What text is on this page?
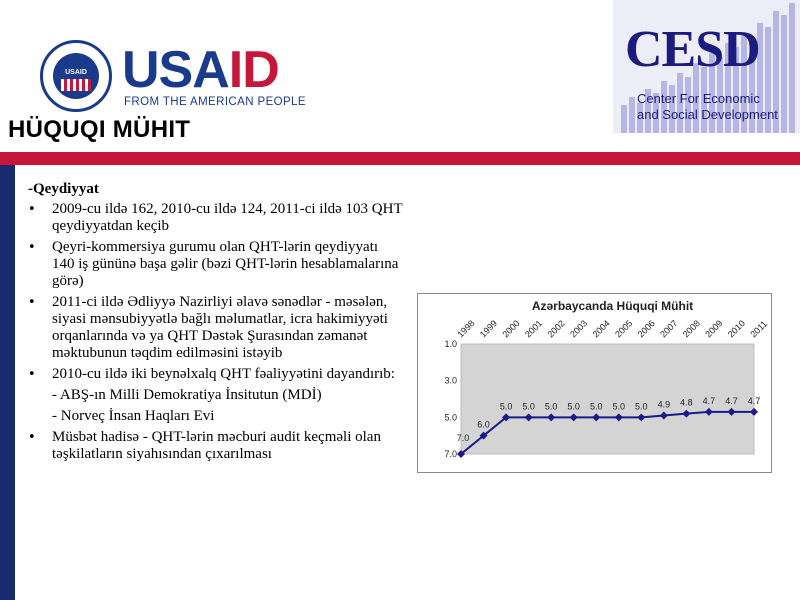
USAID USAID
FROM THE AMERICAN PEOPLE
CESD
Center For Economic
and Social Development
HÜQUQI MÜHIT
-Qeydiyyat
• 2009-cu ildə 162, 2010-cu ildə 124, 2011-ci ildə 103 QHT qeydiyyatdan keçib
• Qeyri-kommersiya gurumu olan QHT-lərin qeydiyyatı 140 iş gününə başa gəlir (bəzi QHT-lərin hesablamalarına görə)
• 2011-ci ildə Ədliyyə Nazirliyi əlavə sənədlər - məsələn, siyasi mənsubiyyətlə bağlı məlumatlar, icra hakimiyyəti orqanlarında və ya QHT Dəstək Şurasından zəmanət məktubunun təqdim edilməsini istəyib
• 2010-cu ildə iki beynəlxalq QHT fəaliyyətini dayandırıb:
- ABŞ-ın Milli Demokratiya İnsitutun (MDİ)
- Norveç İnsan Haqları Evi
• Müsbət hadisə - QHT-lərin məcburi audit keçməli olan təşkilatların siyahısından çıxarılması
Azərbaycanda Hüquqi Mühit
1998 1999 2000 2001 2002 2003 2004 2005 2006 2007 2008 2009 2010 2011
1.0
3.0
5.0
7.0
7.0
6.0
5.0 5.0 5.0 5.0 5.0 5.0 5.0 4.9 4.8 4.7 4.7 4.7
